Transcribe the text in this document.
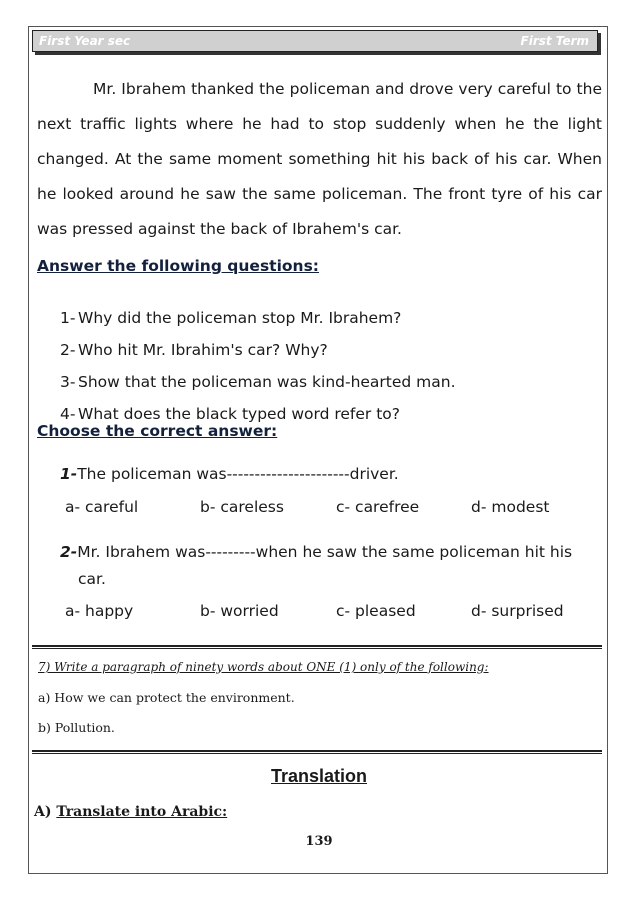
First Year sec	First Term

Mr. Ibrahem thanked the policeman and drove very careful to the next traffic lights where he had to stop suddenly when he the light changed. At the same moment something hit his back of his car. When he looked around he saw the same policeman. The front tyre of his car was pressed against the back of Ibrahem's car.

Answer the following questions:
1- Why did the policeman stop Mr. Ibrahem?
2- Who hit Mr. Ibrahim's car? Why?
3- Show that the policeman was kind-hearted man.
4- What does the black typed word refer to?
Choose the correct answer:
1-The policeman was----------------------driver.
a- careful	b- careless	c- carefree	d- modest
2-Mr. Ibrahem was---------when he saw the same policeman hit his
car.
a- happy	b- worried	c- pleased	d- surprised
7) Write a paragraph of ninety words about ONE (1) only of the following:
a) How we can protect the environment.
b) Pollution.
Translation
A) Translate into Arabic:
139
